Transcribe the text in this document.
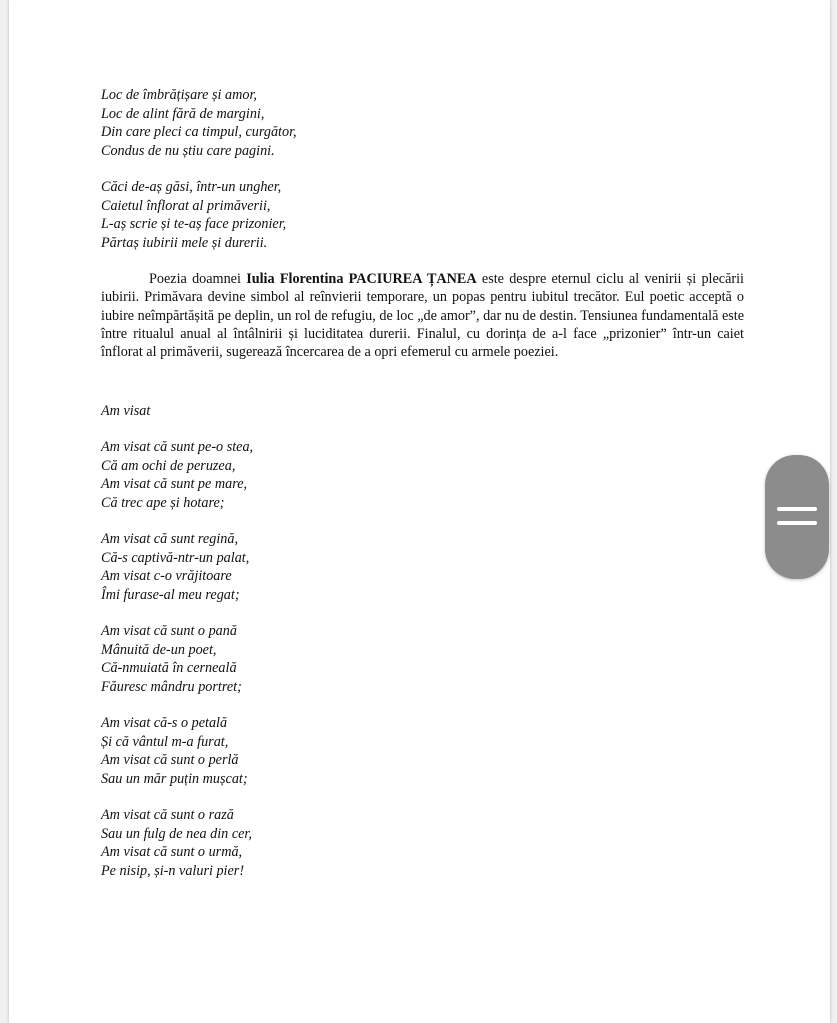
Loc de îmbrățișare și amor,

Loc de alint fără de margini,

Din care pleci ca timpul, curgător,

Condus de nu știu care pagini.

Căci de-aș găsi, într-un ungher,

Caietul înflorat al primăverii,

L-aș scrie și te-aș face prizonier,

Părtaș iubirii mele și durerii.

Poezia doamnei Iulia Florentina PACIUREA ȚANEA este despre eternul ciclu al venirii și plecării iubirii. Primăvara devine simbol al reînvierii temporare, un popas pentru iubitul trecător. Eul poetic acceptă o iubire neîmpărtășită pe deplin, un rol de refugiu, de loc „de amor”, dar nu de destin. Tensiunea fundamentală este între ritualul anual al întâlnirii și luciditatea durerii. Finalul, cu dorința de a-l face „prizonier” într-un caiet înflorat al primăverii, sugerează încercarea de a opri efemerul cu armele poeziei.

Am visat

Am visat că sunt pe-o stea,

Că am ochi de peruzea,

Am visat că sunt pe mare,

Că trec ape și hotare;

Am visat că sunt regină,

Că-s captivă-ntr-un palat,

Am visat c-o vrăjitoare

Îmi furase-al meu regat;

Am visat că sunt o pană

Mânuită de-un poet,

Că-nmuiată în cerneală

Făuresc mândru portret;

Am visat că-s o petală

Și că vântul m-a furat,

Am visat că sunt o perlă

Sau un măr puțin mușcat;

Am visat că sunt o rază

Sau un fulg de nea din cer,

Am visat că sunt o urmă,

Pe nisip, și-n valuri pier!
